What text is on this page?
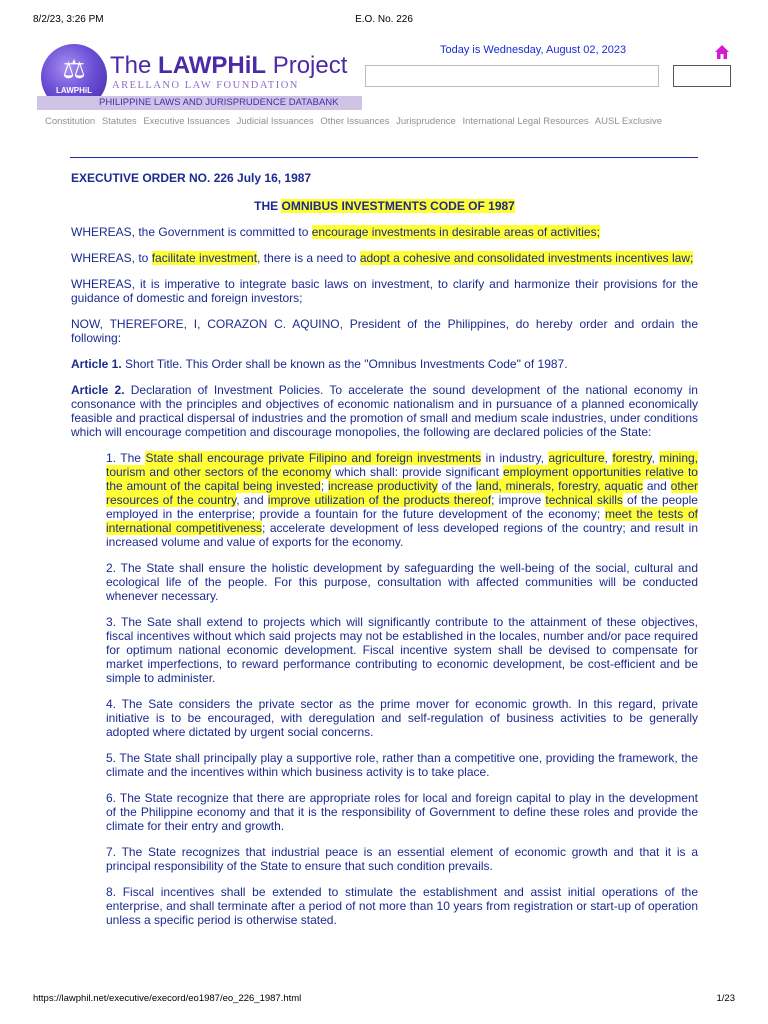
8/2/23, 3:26 PM	E.O. No. 226
⚖
LAWPHiL
The LAWPHiL Project
ARELLANO LAW FOUNDATION
PHILIPPINE LAWS AND JURISPRUDENCE DATABANK
Today is Wednesday, August 02, 2023
Constitution Statutes Executive Issuances Judicial Issuances Other Issuances Jurisprudence International Legal Resources AUSL Exclusive

EXECUTIVE ORDER NO. 226 July 16, 1987

THE OMNIBUS INVESTMENTS CODE OF 1987

WHEREAS, the Government is committed to encourage investments in desirable areas of activities;

WHEREAS, to facilitate investment, there is a need to adopt a cohesive and consolidated investments incentives law;

WHEREAS, it is imperative to integrate basic laws on investment, to clarify and harmonize their provisions for the guidance of domestic and foreign investors;

NOW, THEREFORE, I, CORAZON C. AQUINO, President of the Philippines, do hereby order and ordain the following:

Article 1. Short Title. This Order shall be known as the "Omnibus Investments Code" of 1987.

Article 2. Declaration of Investment Policies. To accelerate the sound development of the national economy in consonance with the principles and objectives of economic nationalism and in pursuance of a planned economically feasible and practical dispersal of industries and the promotion of small and medium scale industries, under conditions which will encourage competition and discourage monopolies, the following are declared policies of the State:

1. The State shall encourage private Filipino and foreign investments in industry, agriculture, forestry, mining, tourism and other sectors of the economy which shall: provide significant employment opportunities relative to the amount of the capital being invested; increase productivity of the land, minerals, forestry, aquatic and other resources of the country, and improve utilization of the products thereof; improve technical skills of the people employed in the enterprise; provide a fountain for the future development of the economy; meet the tests of international competitiveness; accelerate development of less developed regions of the country; and result in increased volume and value of exports for the economy.

2. The State shall ensure the holistic development by safeguarding the well-being of the social, cultural and ecological life of the people. For this purpose, consultation with affected communities will be conducted whenever necessary.

3. The Sate shall extend to projects which will significantly contribute to the attainment of these objectives, fiscal incentives without which said projects may not be established in the locales, number and/or pace required for optimum national economic development. Fiscal incentive system shall be devised to compensate for market imperfections, to reward performance contributing to economic development, be cost-efficient and be simple to administer.

4. The Sate considers the private sector as the prime mover for economic growth. In this regard, private initiative is to be encouraged, with deregulation and self-regulation of business activities to be generally adopted where dictated by urgent social concerns.

5. The State shall principally play a supportive role, rather than a competitive one, providing the framework, the climate and the incentives within which business activity is to take place.

6. The State recognize that there are appropriate roles for local and foreign capital to play in the development of the Philippine economy and that it is the responsibility of Government to define these roles and provide the climate for their entry and growth.

7. The State recognizes that industrial peace is an essential element of economic growth and that it is a principal responsibility of the State to ensure that such condition prevails.

8. Fiscal incentives shall be extended to stimulate the establishment and assist initial operations of the enterprise, and shall terminate after a period of not more than 10 years from registration or start-up of operation unless a specific period is otherwise stated.

https://lawphil.net/executive/execord/eo1987/eo_226_1987.html	1/23
